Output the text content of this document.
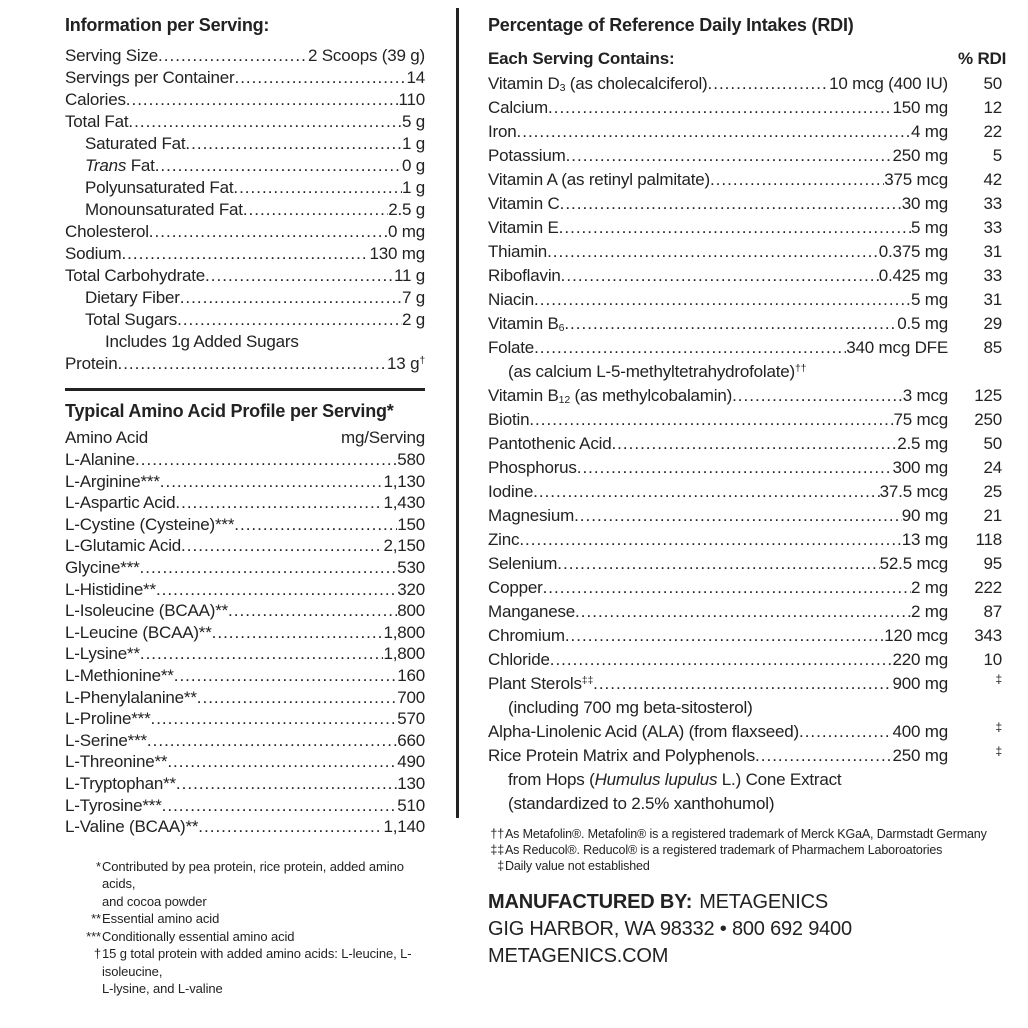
Information per Serving:
Serving Size .....	2 Scoops (39 g)
Servings per Container .....	14
Calories .....	110
Total Fat .....	5 g
Saturated Fat .....	1 g
Trans Fat .....	0 g
Polyunsaturated Fat .....	1 g
Monounsaturated Fat .....	2.5 g
Cholesterol .....	0 mg
Sodium .....	130 mg
Total Carbohydrate .....	11 g
Dietary Fiber .....	7 g
Total Sugars .....	2 g
Includes 1g Added Sugars
Protein .....	13 g†
Typical Amino Acid Profile per Serving*
Amino Acid	mg/Serving
L-Alanine .....	580
L-Arginine*** .....	1,130
L-Aspartic Acid .....	1,430
L-Cystine (Cysteine)*** .....	150
L-Glutamic Acid .....	2,150
Glycine*** .....	530
L-Histidine** .....	320
L-Isoleucine (BCAA)** .....	800
L-Leucine (BCAA)** .....	1,800
L-Lysine** .....	1,800
L-Methionine** .....	160
L-Phenylalanine** .....	700
L-Proline*** .....	570
L-Serine*** .....	660
L-Threonine** .....	490
L-Tryptophan** .....	130
L-Tyrosine*** .....	510
L-Valine (BCAA)** .....	1,140
* Contributed by pea protein, rice protein, added amino acids,
and cocoa powder
** Essential amino acid
*** Conditionally essential amino acid
† 15 g total protein with added amino acids: L-leucine, L-isoleucine,
L-lysine, and L-valine
Percentage of Reference Daily Intakes (RDI)
Each Serving Contains:	% RDI
Vitamin $D_3$ (as cholecalciferol) .....	10 mcg (400 IU)	50
Calcium .....	150 mg	12
Iron .....	4 mg	22
Potassium .....	250 mg	5
Vitamin A (as retinyl palmitate) .....	375 mcg	42
Vitamin C .....	30 mg	33
Vitamin E .....	5 mg	33
Thiamin .....	0.375 mg	31
Riboflavin .....	0.425 mg	33
Niacin .....	5 mg	31
Vitamin $B_6$ .....	0.5 mg	29
Folate .....	340 mcg DFE	85
(as calcium L-5-methyltetrahydrofolate)††
Vitamin $B_{12}$ (as methylcobalamin) .....	3 mcg	125
Biotin .....	75 mcg	250
Pantothenic Acid .....	2.5 mg	50
Phosphorus .....	300 mg	24
Iodine .....	37.5 mcg	25
Magnesium .....	90 mg	21
Zinc .....	13 mg	118
Selenium .....	52.5 mcg	95
Copper .....	2 mg	222
Manganese .....	2 mg	87
Chromium .....	120 mcg	343
Chloride .....	220 mg	10
Plant Sterols‡‡ .....	900 mg	‡
(including 700 mg beta-sitosterol)
Alpha-Linolenic Acid (ALA) (from flaxseed) .....	400 mg	‡
Rice Protein Matrix and Polyphenols .....	250 mg	‡
from Hops (Humulus lupulus L.) Cone Extract
(standardized to 2.5% xanthohumol)
†† As Metafolin®. Metafolin® is a registered trademark of Merck KGaA, Darmstadt Germany
‡‡ As Reducol®. Reducol® is a registered trademark of Pharmachem Laboroatories
‡ Daily value not established
MANUFACTURED BY: METAGENICS
GIG HARBOR, WA 98332 • 800 692 9400
METAGENICS.COM
